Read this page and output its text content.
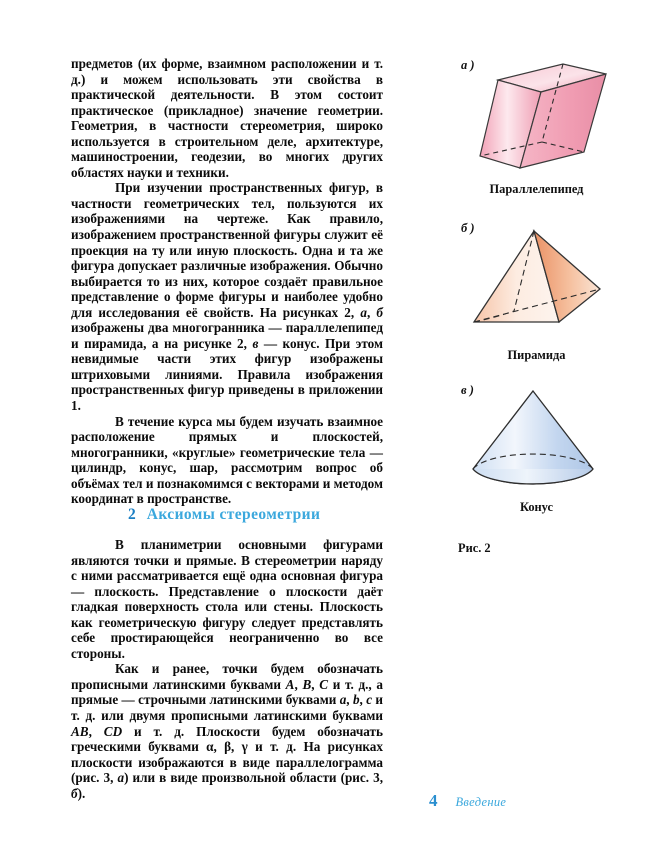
предметов (их форме, взаимном расположении и т. д.) и можем использовать эти свойства в практической деятельности. В этом состоит практическое (прикладное) значение геометрии. Геометрия, в частности стереометрия, широко используется в строительном деле, архитектуре, машиностроении, геодезии, во многих других областях науки и техники.

При изучении пространственных фигур, в частности геометрических тел, пользуются их изображениями на чертеже. Как правило, изображением пространственной фигуры служит её проекция на ту или иную плоскость. Одна и та же фигура допускает различные изображения. Обычно выбирается то из них, которое создаёт правильное представление о форме фигуры и наиболее удобно для исследования её свойств. На рисунках 2, а, б изображены два многогранника — параллелепипед и пирамида, а на рисунке 2, в — конус. При этом невидимые части этих фигур изображены штриховыми линиями. Правила изображения пространственных фигур приведены в приложении 1.

В течение курса мы будем изучать взаимное расположение прямых и плоскостей, многогранники, «круглые» геометрические тела — цилиндр, конус, шар, рассмотрим вопрос об объёмах тел и познакомимся с векторами и методом координат в пространстве.

2 Аксиомы стереометрии

В планиметрии основными фигурами являются точки и прямые. В стереометрии наряду с ними рассматривается ещё одна основная фигура — плоскость. Представление о плоскости даёт гладкая поверхность стола или стены. Плоскость как геометрическую фигуру следует представлять себе простирающейся неограниченно во все стороны.

Как и ранее, точки будем обозначать прописными латинскими буквами A, B, C и т. д., а прямые — строчными латинскими буквами a, b, c и т. д. или двумя прописными латинскими буквами AB, CD и т. д. Плоскости будем обозначать греческими буквами α, β, γ и т. д. На рисунках плоскости изображаются в виде параллелограмма (рис. 3, а) или в виде произвольной области (рис. 3, б).

а )
Параллелепипед
б )
Пирамида
в )
Конус
Рис. 2
4 Введение
